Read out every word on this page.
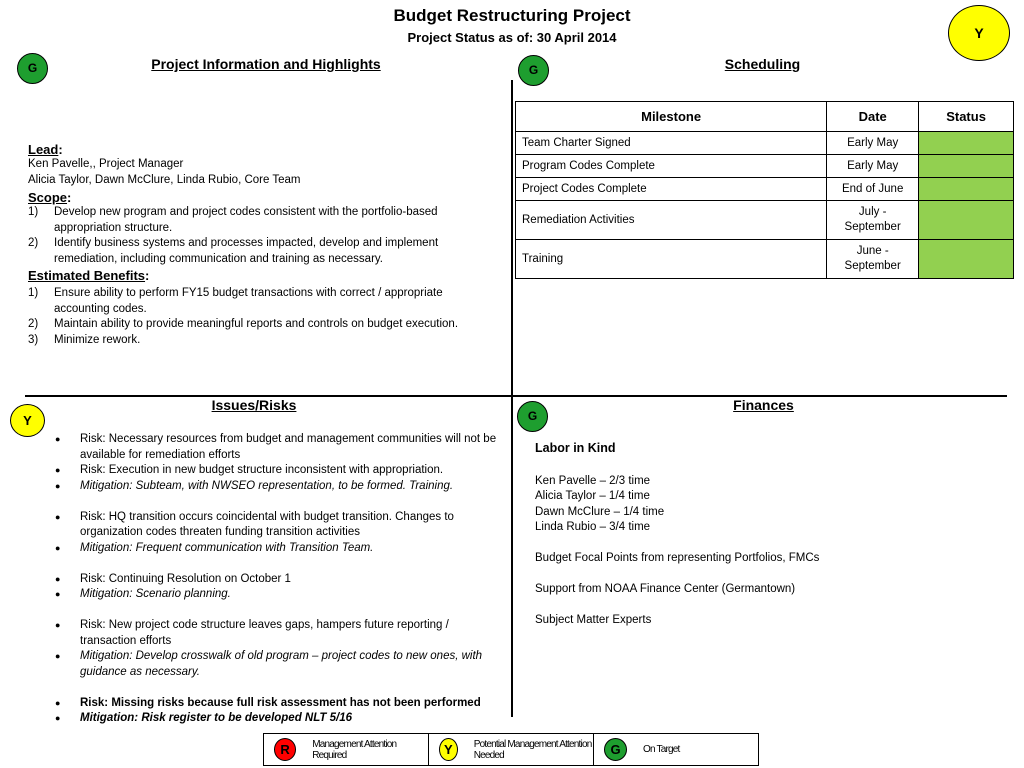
Budget Restructuring Project
Project Status as of: 30 April 2014	Y
G	Project Information and Highlights
Lead:
Ken Pavelle,, Project Manager
Alicia Taylor, Dawn McClure, Linda Rubio, Core Team
Scope:
1) Develop new program and project codes consistent with the portfolio-based appropriation structure.
2) Identify business systems and processes impacted, develop and implement remediation, including communication and training as necessary.
Estimated Benefits:
1) Ensure ability to perform FY15 budget transactions with correct / appropriate accounting codes.
2) Maintain ability to provide meaningful reports and controls on budget execution.
3) Minimize rework.
G	Scheduling
Milestone	Date	Status
Team Charter Signed	Early May	
Program Codes Complete	Early May	
Project Codes Complete	End of June	
Remediation Activities	July - September	
Training	June - September	
Y
Issues/Risks
● Risk: Necessary resources from budget and management communities will not be available for remediation efforts
● Risk: Execution in new budget structure inconsistent with appropriation.
● Mitigation: Subteam, with NWSEO representation, to be formed. Training.
● Risk: HQ transition occurs coincidental with budget transition. Changes to organization codes threaten funding transition activities
● Mitigation: Frequent communication with Transition Team.
● Risk: Continuing Resolution on October 1
● Mitigation: Scenario planning.
● Risk: New project code structure leaves gaps, hampers future reporting / transaction efforts
● Mitigation: Develop crosswalk of old program – project codes to new ones, with guidance as necessary.
● Risk: Missing risks because full risk assessment has not been performed
● Mitigation: Risk register to be developed NLT 5/16
G
Finances

Labor in Kind

Ken Pavelle – 2/3 time

Alicia Taylor – 1/4 time

Dawn McClure – 1/4 time

Linda Rubio – 3/4 time

Budget Focal Points from representing Portfolios, FMCs

Support from NOAA Finance Center (Germantown)

Subject Matter Experts

R	Management Attention Required	Y	Potential Management Attention Needed	G	On Target
